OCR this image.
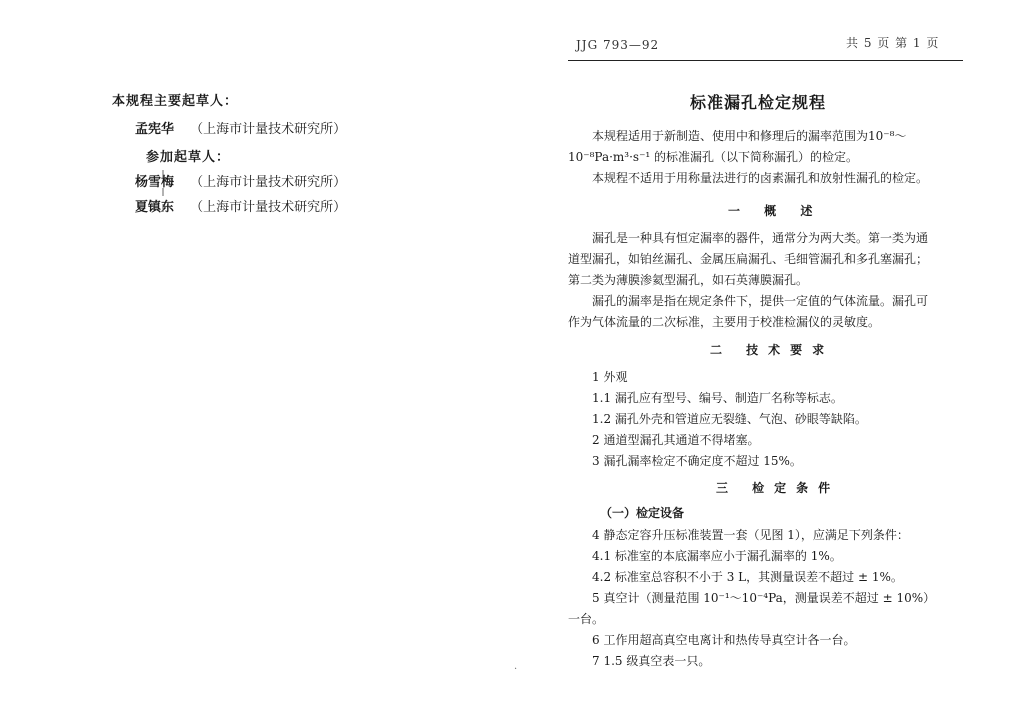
本规程主要起草人：
孟宪华 （上海市计量技术研究所）
参加起草人：
杨雪梅 （上海市计量技术研究所）
夏镇东 （上海市计量技术研究所）
JJG 793—92	共 5 页 第 1 页
标准漏孔检定规程
本规程适用于新制造、使用中和修理后的漏率范围为10⁻⁸～
10⁻⁸Pa·m³·s⁻¹ 的标准漏孔（以下简称漏孔）的检定。
本规程不适用于用称量法进行的卤素漏孔和放射性漏孔的检定。
一 概 述
漏孔是一种具有恒定漏率的器件，通常分为两大类。第一类为通
道型漏孔，如铂丝漏孔、金属压扁漏孔、毛细管漏孔和多孔塞漏孔；
第二类为薄膜渗氦型漏孔，如石英薄膜漏孔。
漏孔的漏率是指在规定条件下，提供一定值的气体流量。漏孔可
作为气体流量的二次标准，主要用于校准检漏仪的灵敏度。
二 技术要求
1 外观
1.1 漏孔应有型号、编号、制造厂名称等标志。
1.2 漏孔外壳和管道应无裂缝、气泡、砂眼等缺陷。
2 通道型漏孔其通道不得堵塞。
3 漏孔漏率检定不确定度不超过 15%。
三 检定条件
（一）检定设备
4 静态定容升压标准装置一套（见图 1），应满足下列条件：
4.1 标准室的本底漏率应小于漏孔漏率的 1%。
4.2 标准室总容积不小于 3 L，其测量误差不超过 ± 1%。
5 真空计（测量范围 10⁻¹～10⁻⁴Pa，测量误差不超过 ± 10%）
一台。
6 工作用超高真空电离计和热传导真空计各一台。
7 1.5 级真空表一只。
·
